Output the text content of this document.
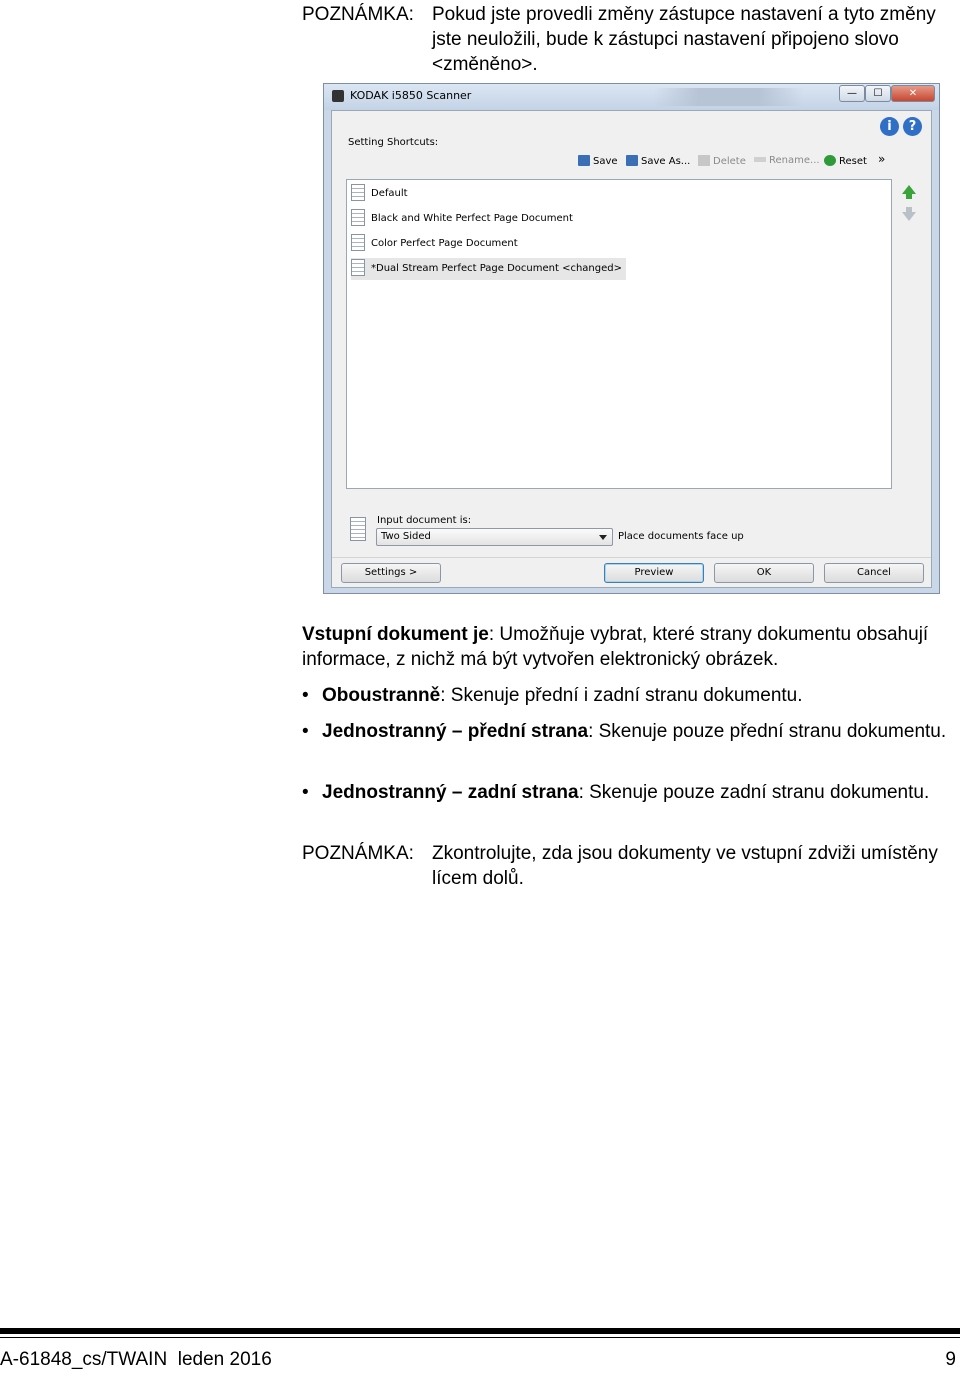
POZNÁMKA: Pokud jste provedli změny zástupce nastavení a tyto změny jste neuložili, bude k zástupci nastavení připojeno slovo <změněno>.
KODAK i5850 Scanner	—	☐	✕
i	?
Setting Shortcuts:
Save	Save As...	Delete	Rename...	Reset »
Default
Black and White Perfect Page Document
Color Perfect Page Document
*Dual Stream Perfect Page Document <changed>
Input document is:
Two Sided	Place documents face up
Settings >	Preview	OK	Cancel
Vstupní dokument je: Umožňuje vybrat, které strany dokumentu obsahují informace, z nichž má být vytvořen elektronický obrázek.
• Oboustranně: Skenuje přední i zadní stranu dokumentu.
• Jednostranný – přední strana: Skenuje pouze přední stranu dokumentu.
• Jednostranný – zadní strana: Skenuje pouze zadní stranu dokumentu.
POZNÁMKA: Zkontrolujte, zda jsou dokumenty ve vstupní zdviži umístěny lícem dolů.
A-61848_cs/TWAIN  leden 2016	9
